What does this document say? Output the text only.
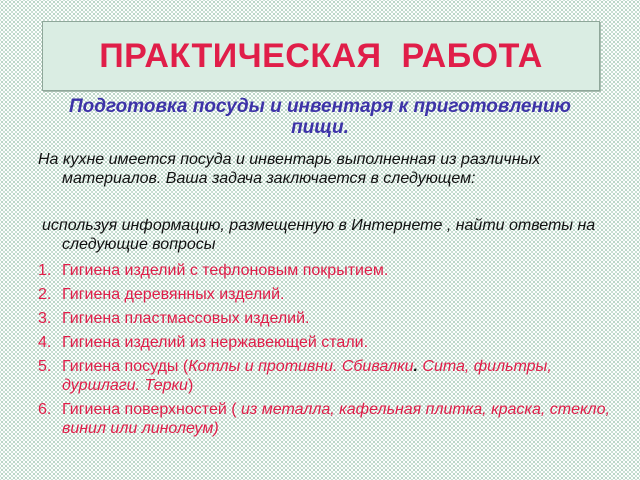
ПРАКТИЧЕСКАЯ  РАБОТА
Подготовка посуды и инвентаря к приготовлению пищи.
На кухне имеется посуда и инвентарь выполненная из различных материалов. Ваша задача заключается в следующем:
используя информацию, размещенную в Интернете , найти ответы на следующие вопросы
1. Гигиена изделий с тефлоновым покрытием.
2. Гигиена деревянных изделий.
3. Гигиена пластмассовых изделий.
4. Гигиена изделий из нержавеющей стали.
5. Гигиена посуды (Котлы и противни. Сбивалки. Сита, фильтры, дуршлаги. Терки)
6. Гигиена поверхностей ( из металла, кафельная плитка, краска, стекло, винил или линолеум)
